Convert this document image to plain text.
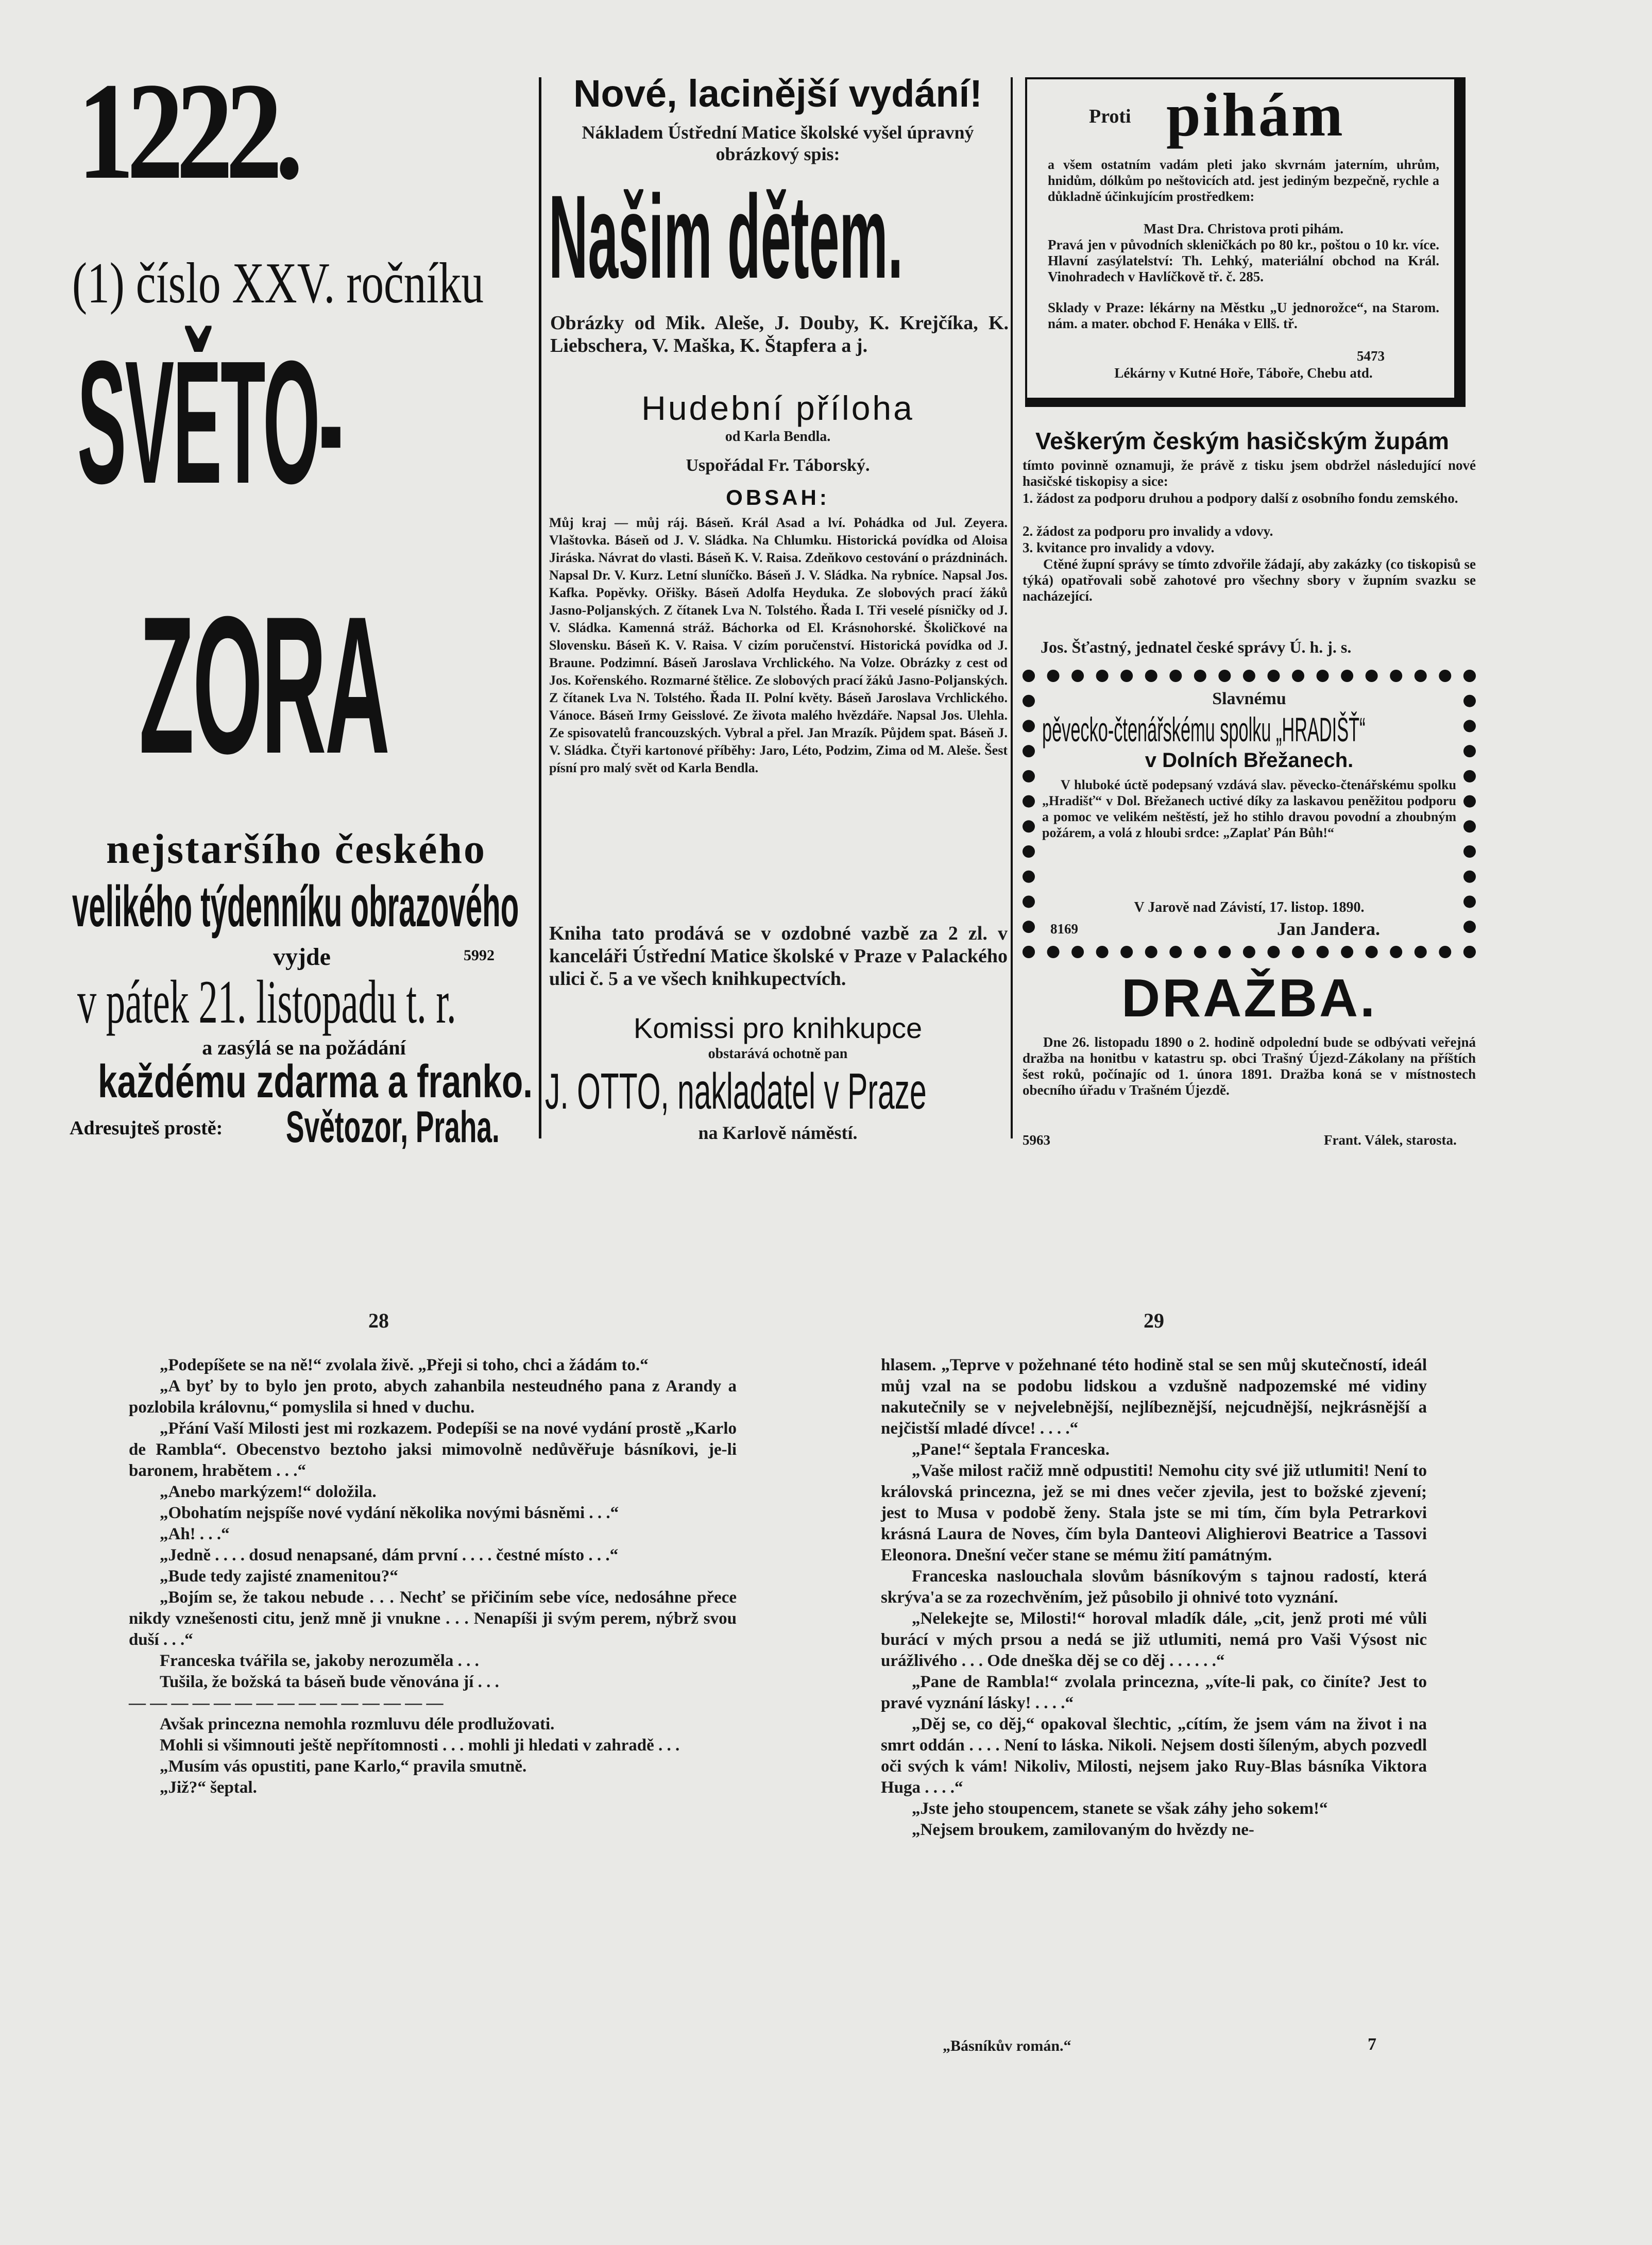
1222.
(1) číslo XXV. ročníku
SVĚTO-
ZORA
nejstaršího českého
velikého týdenníku obrazového
vyjde	5992
v pátek 21. listopadu t. r.
a zasýlá se na požádání
každému zdarma a franko.
Adresujteš prostě: Světozor, Praha.
Nové, lacinější vydání!
Nákladem Ústřední Matice školské vyšel úpravný obrázkový spis:
Našim dětem.
Obrázky od Mik. Aleše, J. Douby, K. Krejčíka, K. Liebschera, V. Maška, K. Štapfera a j.
Hudební příloha
od Karla Bendla.
Uspořádal Fr. Táborský.
OBSAH:
Můj kraj — můj ráj. Báseň. Král Asad a lví. Pohádka od Jul. Zeyera. Vlaštovka. Báseň od J. V. Sládka. Na Chlumku. Historická povídka od Aloisa Jiráska. Návrat do vlasti. Báseň K. V. Raisa. Zdeňkovo cestování o prázdninách. Napsal Dr. V. Kurz. Letní sluníčko. Báseň J. V. Sládka. Na rybníce. Napsal Jos. Kafka. Popěvky. Ořišky. Báseň Adolfa Heyduka. Ze slobových prací žáků Jasno-Poljanských. Z čítanek Lva N. Tolstého. Řada I. Tři veselé písničky od J. V. Sládka. Kamenná stráž. Báchorka od El. Krásnohorské. Školičkové na Slovensku. Báseň K. V. Raisa. V cizím poručenství. Historická povídka od J. Braune. Podzimní. Báseň Jaroslava Vrchlického. Na Volze. Obrázky z cest od Jos. Kořenského. Rozmarné štělice. Ze slobových prací žáků Jasno-Poljanských. Z čítanek Lva N. Tolstého. Řada II. Polní květy. Báseň Jaroslava Vrchlického. Vánoce. Báseň Irmy Geisslové. Ze života malého hvězdáře. Napsal Jos. Ulehla. Ze spisovatelů francouzských. Vybral a přel. Jan Mrazík. Půjdem spat. Báseň J. V. Sládka. Čtyři kartonové příběhy: Jaro, Léto, Podzim, Zima od M. Aleše. Šest písní pro malý svět od Karla Bendla.
Kniha tato prodává se v ozdobné vazbě za 2 zl. v kanceláři Ústřední Matice školské v Praze v Palackého ulici č. 5 a ve všech knihkupectvích.
Komissi pro knihkupce
obstarává ochotně pan
J. OTTO, nakladatel v Praze
na Karlově náměstí.
Proti pihám
a všem ostatním vadám pleti jako skvrnám jaterním, uhrům, hnidům, dólkům po neštovicích atd. jest jediným bezpečně, rychle a důkladně účinkujícím prostředkem:
Mast Dra. Christova proti pihám.
Pravá jen v původních skleničkách po 80 kr., poštou o 10 kr. více. Hlavní zasýlatelství: Th. Lehký, materiální obchod na Král. Vinohradech v Havlíčkově tř. č. 285.
Sklady v Praze: lékárny na Městku „U jednorožce“, na Starom. nám. a mater. obchod F. Henáka v Ellš. tř.
5473
Lékárny v Kutné Hoře, Táboře, Chebu atd.
Veškerým českým hasičským župám
tímto povinně oznamuji, že právě z tisku jsem obdržel následující nové hasičské tiskopisy a sice:
1. žádost za podporu druhou a podpory další z osobního fondu zemského.
2. žádost za podporu pro invalidy a vdovy.
3. kvitance pro invalidy a vdovy.
Ctěné župní správy se tímto zdvořile žádají, aby zakázky (co tiskopisů se týká) opatřovali sobě zahotové pro všechny sbory v župním svazku se nacházející.
Jos. Šťastný, jednatel české správy Ú. h. j. s.
Slavnému
pěvecko-čtenářskému spolku „HRADIŠŤ“
v Dolních Břežanech.
V hluboké úctě podepsaný vzdává slav. pěvecko-čtenářskému spolku „Hradišť“ v Dol. Břežanech uctivé díky za laskavou peněžitou podporu a pomoc ve velikém neštěstí, jež ho stihlo dravou povodní a zhoubným požárem, a volá z hloubi srdce: „Zaplať Pán Bůh!“
V Jarově nad Závistí, 17. listop. 1890.
8169	Jan Jandera.
DRAŽBA.
Dne 26. listopadu 1890 o 2. hodině odpolední bude se odbývati veřejná dražba na honitbu v katastru sp. obci Trašný Újezd-Zákolany na příštích šest roků, počínajíc od 1. února 1891. Dražba koná se v místnostech obecního úřadu v Trašném Újezdě.
5963	Frant. Válek, starosta.
28	29

„Podepíšete se na ně!“ zvolala živě. „Přeji si toho, chci a žádám to.“

„A byť by to bylo jen proto, abych zahanbila nesteudného pana z Arandy a pozlobila královnu,“ pomyslila si hned v duchu.

„Přání Vaší Milosti jest mi rozkazem. Podepíši se na nové vydání prostě „Karlo de Rambla“. Obecenstvo beztoho jaksi mimovolně nedůvěřuje básníkovi, je-li baronem, hrabětem . . .“

„Anebo markýzem!“ doložila.

„Obohatím nejspíše nové vydání několika novými básněmi . . .“

„Ah! . . .“

„Jedně . . . . dosud nenapsané, dám první . . . . čestné místo . . .“

„Bude tedy zajisté znamenitou?“

„Bojím se, že takou nebude . . . Nechť se přičiním sebe více, nedosáhne přece nikdy vznešenosti citu, jenž mně ji vnukne . . . Nenapíši ji svým perem, nýbrž svou duší . . .“

Franceska tvářila se, jakoby nerozuměla . . .

Tušila, že božská ta báseň bude věnována jí . . .

— — — — — — — — — — — — — — —

Avšak princezna nemohla rozmluvu déle prodlužovati.

Mohli si všimnouti ještě nepřítomnosti . . . mohli ji hledati v zahradě . . .

„Musím vás opustiti, pane Karlo,“ pravila smutně.

„Již?“ šeptal.

hlasem. „Teprve v požehnané této hodině stal se sen můj skutečností, ideál můj vzal na se podobu lidskou a vzdušně nadpozemské mé vidiny nakutečnily se v nejvelebnější, nejlíbeznější, nejcudnější, nejkrásnější a nejčistší mladé dívce! . . . .“

„Pane!“ šeptala Franceska.

„Vaše milost račiž mně odpustiti! Nemohu city své již utlumiti! Není to královská princezna, jež se mi dnes večer zjevila, jest to božské zjevení; jest to Musa v podobě ženy. Stala jste se mi tím, čím byla Petrarkovi krásná Laura de Noves, čím byla Danteovi Alighierovi Beatrice a Tassovi Eleonora. Dnešní večer stane se mému žití památným.

Franceska naslouchala slovům básníkovým s tajnou radostí, která skrýva'a se za rozechvěním, jež působilo ji ohnivé toto vyznání.

„Nelekejte se, Milosti!“ horoval mladík dále, „cit, jenž proti mé vůli burácí v mých prsou a nedá se již utlumiti, nemá pro Vaši Výsost nic urážlivého . . . Ode dneška děj se co děj . . . . . .“

„Pane de Rambla!“ zvolala princezna, „víte-li pak, co činíte? Jest to pravé vyznání lásky! . . . .“

„Děj se, co děj,“ opakoval šlechtic, „cítím, že jsem vám na život i na smrt oddán . . . . Není to láska. Nikoli. Nejsem dosti šíleným, abych pozvedl oči svých k vám! Nikoliv, Milosti, nejsem jako Ruy-Blas básníka Viktora Huga . . . .“

„Jste jeho stoupencem, stanete se však záhy jeho sokem!“

„Nejsem broukem, zamilovaným do hvězdy ne-

„Básníkův román.“	7
